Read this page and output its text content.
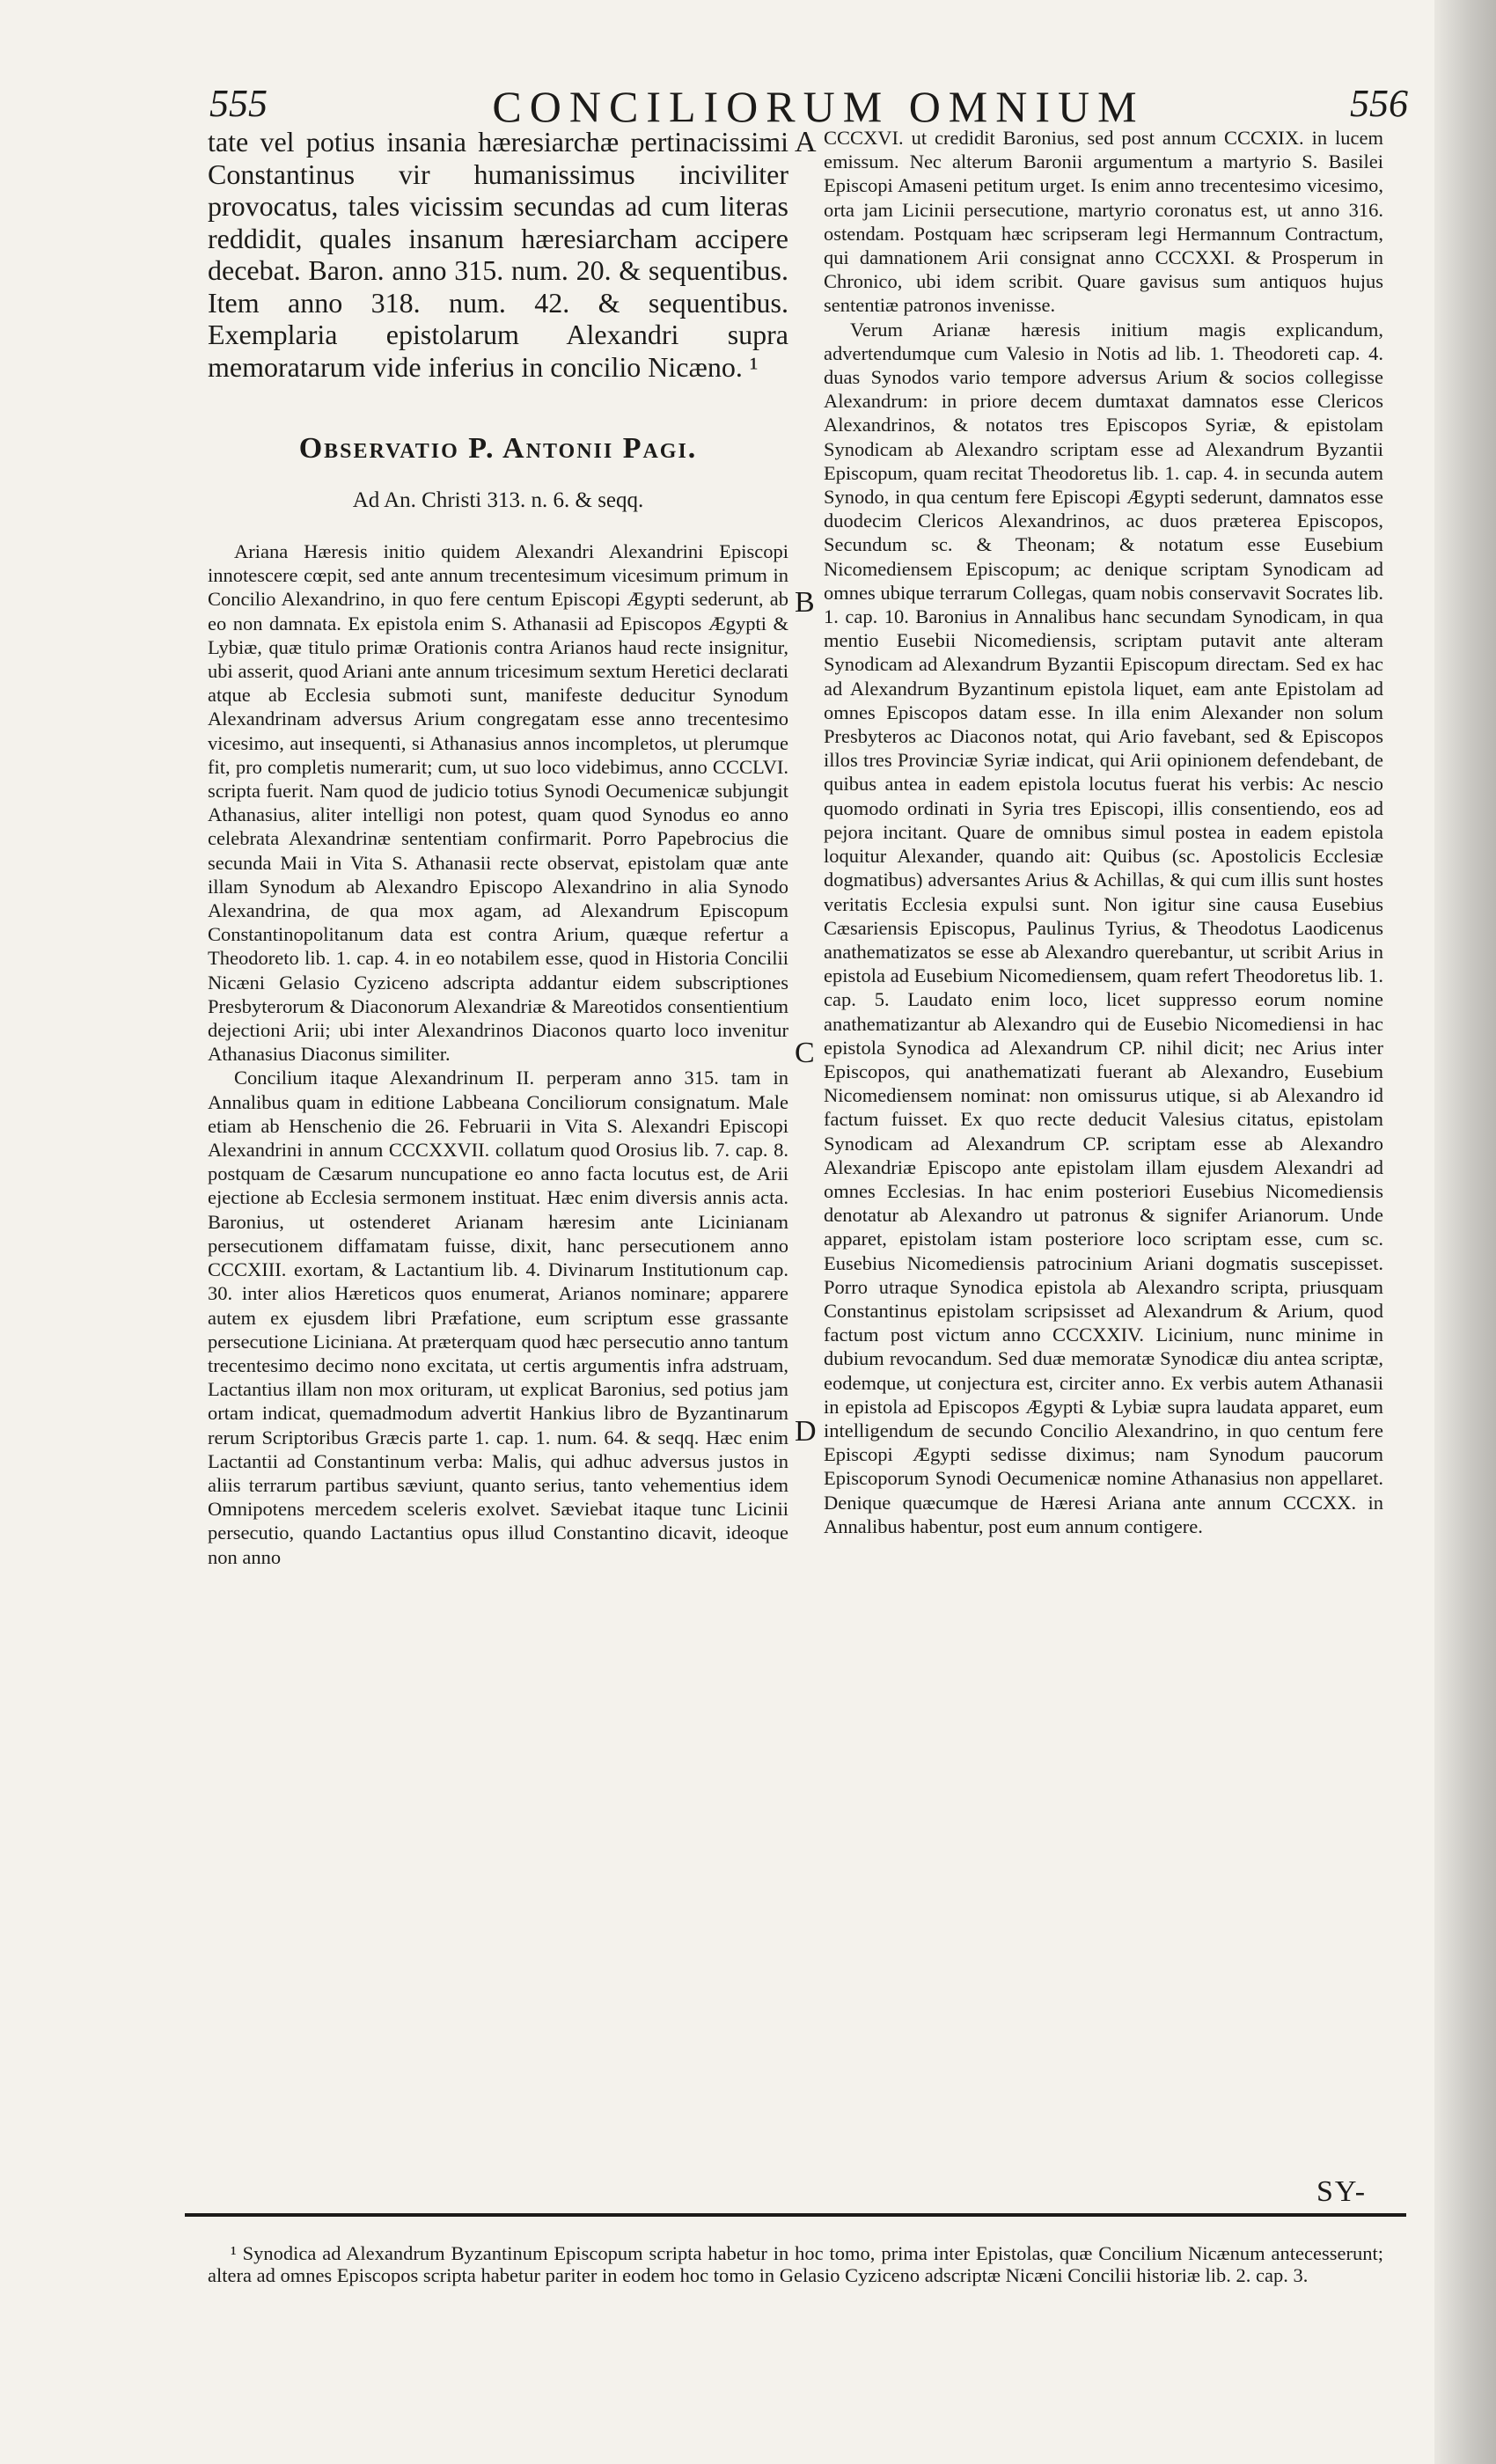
555	CONCILIORUM OMNIUM	556

tate vel potius insania hæresiarchæ pertinacissimi Constantinus vir humanissimus inciviliter provocatus, tales vicissim secundas ad cum literas reddidit, quales insanum hæresiarcham accipere decebat. Baron. anno 315. num. 20. & sequentibus. Item anno 318. num. 42. & sequentibus. Exemplaria epistolarum Alexandri supra memoratarum vide inferius in concilio Nicæno. ¹

Observatio P. Antonii Pagi.
Ad An. Christi 313. n. 6. & seqq.

Ariana Hæresis initio quidem Alexandri Alexandrini Episcopi innotescere cœpit, sed ante annum trecentesimum vicesimum primum in Concilio Alexandrino, in quo fere centum Episcopi Ægypti sederunt, ab eo non damnata. Ex epistola enim S. Athanasii ad Episcopos Ægypti & Lybiæ, quæ titulo primæ Orationis contra Arianos haud recte insignitur, ubi asserit, quod Ariani ante annum tricesimum sextum Heretici declarati atque ab Ecclesia submoti sunt, manifeste deducitur Synodum Alexandrinam adversus Arium congregatam esse anno trecentesimo vicesimo, aut insequenti, si Athanasius annos incompletos, ut plerumque fit, pro completis numerarit; cum, ut suo loco videbimus, anno CCCLVI. scripta fuerit. Nam quod de judicio totius Synodi Oecumenicæ subjungit Athanasius, aliter intelligi non potest, quam quod Synodus eo anno celebrata Alexandrinæ sententiam confirmarit. Porro Papebrocius die secunda Maii in Vita S. Athanasii recte observat, epistolam quæ ante illam Synodum ab Alexandro Episcopo Alexandrino in alia Synodo Alexandrina, de qua mox agam, ad Alexandrum Episcopum Constantinopolitanum data est contra Arium, quæque refertur a Theodoreto lib. 1. cap. 4. in eo notabilem esse, quod in Historia Concilii Nicæni Gelasio Cyziceno adscripta addantur eidem subscriptiones Presbyterorum & Diaconorum Alexandriæ & Mareotidos consentientium dejectioni Arii; ubi inter Alexandrinos Diaconos quarto loco invenitur Athanasius Diaconus similiter.

Concilium itaque Alexandrinum II. perperam anno 315. tam in Annalibus quam in editione Labbeana Conciliorum consignatum. Male etiam ab Henschenio die 26. Februarii in Vita S. Alexandri Episcopi Alexandrini in annum CCCXXVII. collatum quod Orosius lib. 7. cap. 8. postquam de Cæsarum nuncupatione eo anno facta locutus est, de Arii ejectione ab Ecclesia sermonem instituat. Hæc enim diversis annis acta. Baronius, ut ostenderet Arianam hæresim ante Licinianam persecutionem diffamatam fuisse, dixit, hanc persecutionem anno CCCXIII. exortam, & Lactantium lib. 4. Divinarum Institutionum cap. 30. inter alios Hæreticos quos enumerat, Arianos nominare; apparere autem ex ejusdem libri Præfatione, eum scriptum esse grassante persecutione Liciniana. At præterquam quod hæc persecutio anno tantum trecentesimo decimo nono excitata, ut certis argumentis infra adstruam, Lactantius illam non mox orituram, ut explicat Baronius, sed potius jam ortam indicat, quemadmodum advertit Hankius libro de Byzantinarum rerum Scriptoribus Græcis parte 1. cap. 1. num. 64. & seqq. Hæc enim Lactantii ad Constantinum verba: Malis, qui adhuc adversus justos in aliis terrarum partibus sæviunt, quanto serius, tanto vehementius idem Omnipotens mercedem sceleris exolvet. Sæviebat itaque tunc Licinii persecutio, quando Lactantius opus illud Constantino dicavit, ideoque non anno

CCCXVI. ut credidit Baronius, sed post annum CCCXIX. in lucem emissum. Nec alterum Baronii argumentum a martyrio S. Basilei Episcopi Amaseni petitum urget. Is enim anno trecentesimo vicesimo, orta jam Licinii persecutione, martyrio coronatus est, ut anno 316. ostendam. Postquam hæc scripseram legi Hermannum Contractum, qui damnationem Arii consignat anno CCCXXI. & Prosperum in Chronico, ubi idem scribit. Quare gavisus sum antiquos hujus sententiæ patronos invenisse.

Verum Arianæ hæresis initium magis explicandum, advertendumque cum Valesio in Notis ad lib. 1. Theodoreti cap. 4. duas Synodos vario tempore adversus Arium & socios collegisse Alexandrum: in priore decem dumtaxat damnatos esse Clericos Alexandrinos, & notatos tres Episcopos Syriæ, & epistolam Synodicam ab Alexandro scriptam esse ad Alexandrum Byzantii Episcopum, quam recitat Theodoretus lib. 1. cap. 4. in secunda autem Synodo, in qua centum fere Episcopi Ægypti sederunt, damnatos esse duodecim Clericos Alexandrinos, ac duos præterea Episcopos, Secundum sc. & Theonam; & notatum esse Eusebium Nicomediensem Episcopum; ac denique scriptam Synodicam ad omnes ubique terrarum Collegas, quam nobis conservavit Socrates lib. 1. cap. 10. Baronius in Annalibus hanc secundam Synodicam, in qua mentio Eusebii Nicomediensis, scriptam putavit ante alteram Synodicam ad Alexandrum Byzantii Episcopum directam. Sed ex hac ad Alexandrum Byzantinum epistola liquet, eam ante Epistolam ad omnes Episcopos datam esse. In illa enim Alexander non solum Presbyteros ac Diaconos notat, qui Ario favebant, sed & Episcopos illos tres Provinciæ Syriæ indicat, qui Arii opinionem defendebant, de quibus antea in eadem epistola locutus fuerat his verbis: Ac nescio quomodo ordinati in Syria tres Episcopi, illis consentiendo, eos ad pejora incitant. Quare de omnibus simul postea in eadem epistola loquitur Alexander, quando ait: Quibus (sc. Apostolicis Ecclesiæ dogmatibus) adversantes Arius & Achillas, & qui cum illis sunt hostes veritatis Ecclesia expulsi sunt. Non igitur sine causa Eusebius Cæsariensis Episcopus, Paulinus Tyrius, & Theodotus Laodicenus anathematizatos se esse ab Alexandro querebantur, ut scribit Arius in epistola ad Eusebium Nicomediensem, quam refert Theodoretus lib. 1. cap. 5. Laudato enim loco, licet suppresso eorum nomine anathematizantur ab Alexandro qui de Eusebio Nicomediensi in hac epistola Synodica ad Alexandrum CP. nihil dicit; nec Arius inter Episcopos, qui anathematizati fuerant ab Alexandro, Eusebium Nicomediensem nominat: non omissurus utique, si ab Alexandro id factum fuisset. Ex quo recte deducit Valesius citatus, epistolam Synodicam ad Alexandrum CP. scriptam esse ab Alexandro Alexandriæ Episcopo ante epistolam illam ejusdem Alexandri ad omnes Ecclesias. In hac enim posteriori Eusebius Nicomediensis denotatur ab Alexandro ut patronus & signifer Arianorum. Unde apparet, epistolam istam posteriore loco scriptam esse, cum sc. Eusebius Nicomediensis patrocinium Ariani dogmatis suscepisset. Porro utraque Synodica epistola ab Alexandro scripta, priusquam Constantinus epistolam scripsisset ad Alexandrum & Arium, quod factum post victum anno CCCXXIV. Licinium, nunc minime in dubium revocandum. Sed duæ memoratæ Synodicæ diu antea scriptæ, eodemque, ut conjectura est, circiter anno. Ex verbis autem Athanasii in epistola ad Episcopos Ægypti & Lybiæ supra laudata apparet, eum intelligendum de secundo Concilio Alexandrino, in quo centum fere Episcopi Ægypti sedisse diximus; nam Synodum paucorum Episcoporum Synodi Oecumenicæ nomine Athanasius non appellaret. Denique quæcumque de Hæresi Ariana ante annum CCCXX. in Annalibus habentur, post eum annum contigere.

A
B
C
D
SY-

¹ Synodica ad Alexandrum Byzantinum Episcopum scripta habetur in hoc tomo, prima inter Epistolas, quæ Concilium Nicænum antecesserunt; altera ad omnes Episcopos scripta habetur pariter in eodem hoc tomo in Gelasio Cyziceno adscriptæ Nicæni Concilii historiæ lib. 2. cap. 3.
